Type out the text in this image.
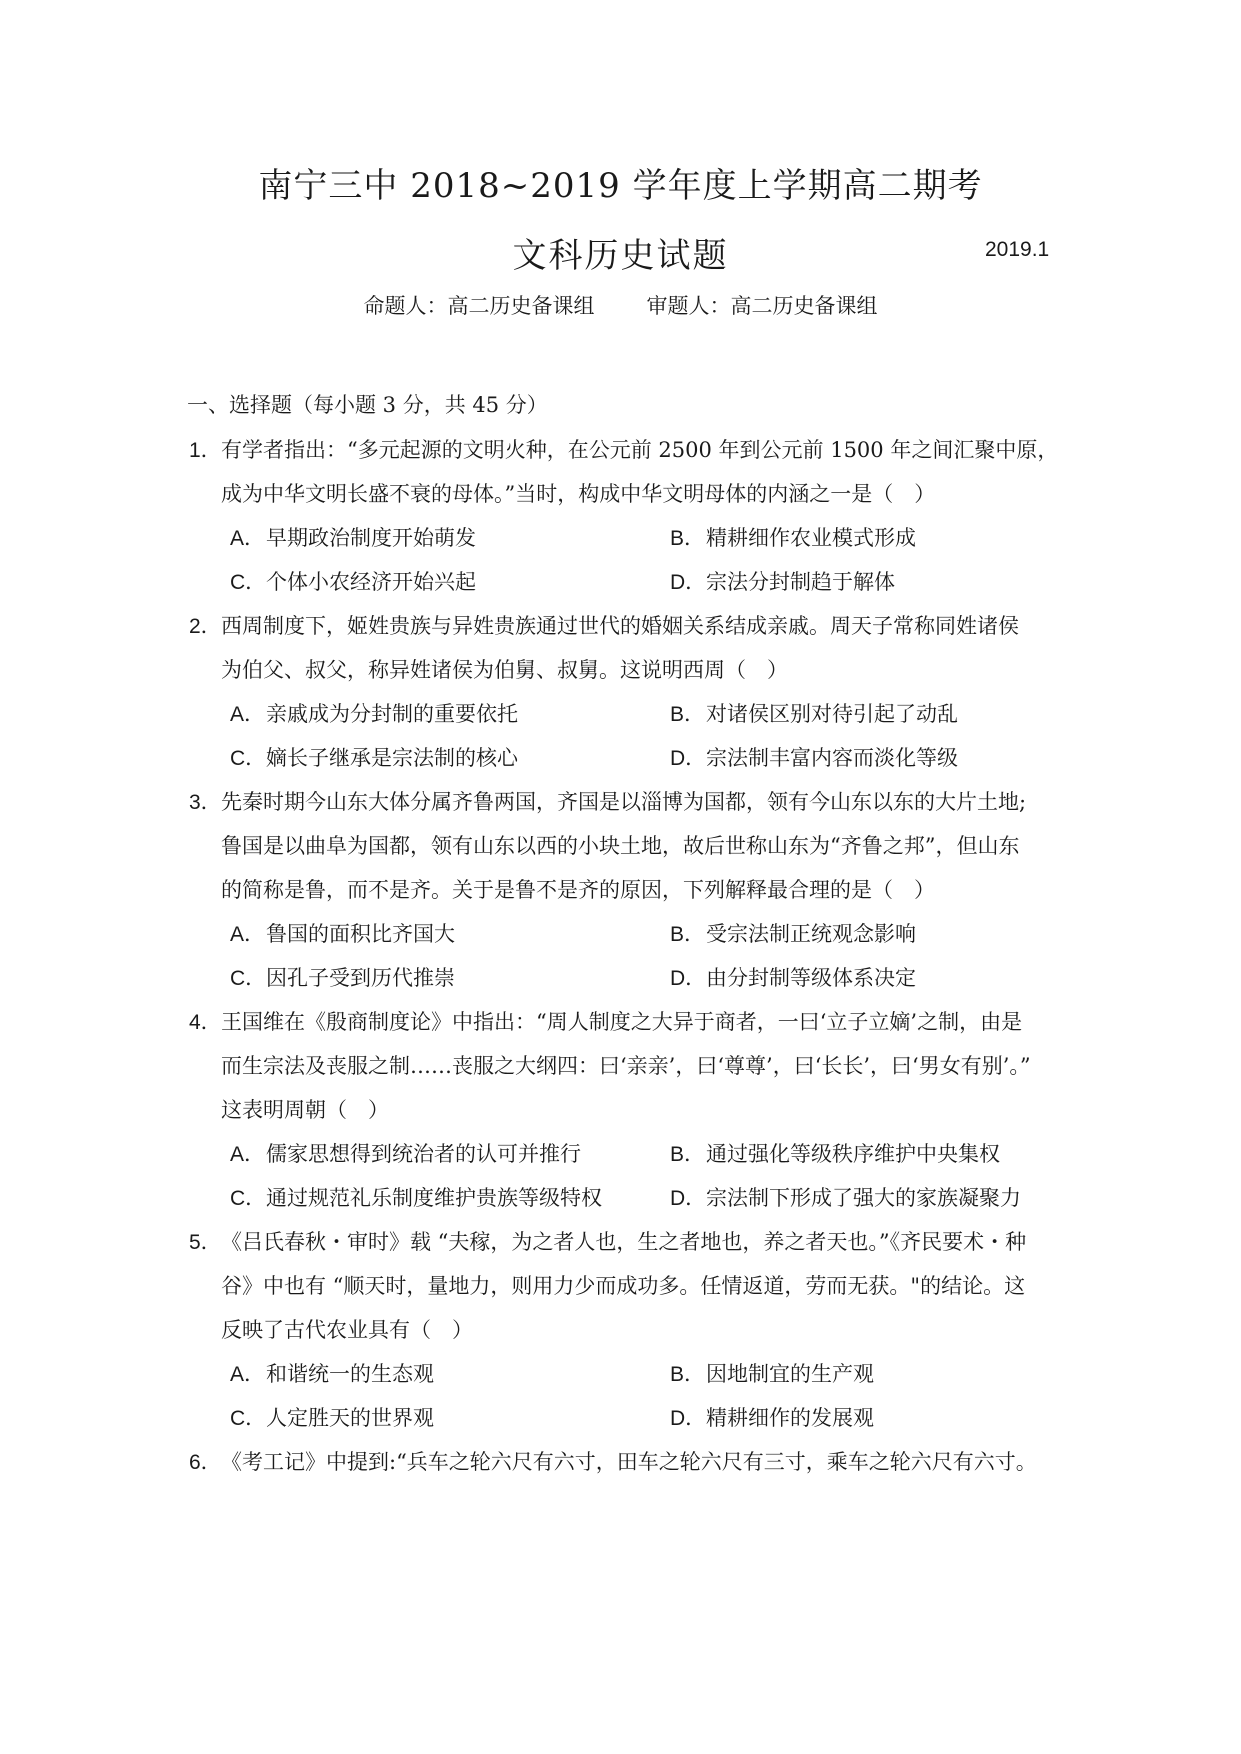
南宁三中 2018~2019 学年度上学期高二期考
文科历史试题	2019.1
命题人：高二历史备课组 审题人：高二历史备课组
一、选择题（每小题 3 分，共 45 分）
1． 有学者指出：“多元起源的文明火种，在公元前 2500 年到公元前 1500 年之间汇聚中原，
成为中华文明长盛不衰的母体。”当时，构成中华文明母体的内涵之一是（　）
A．早期政治制度开始萌发	B．精耕细作农业模式形成
C．个体小农经济开始兴起	D．宗法分封制趋于解体
2． 西周制度下，姬姓贵族与异姓贵族通过世代的婚姻关系结成亲戚。周天子常称同姓诸侯
为伯父、叔父，称异姓诸侯为伯舅、叔舅。这说明西周（　）
A．亲戚成为分封制的重要依托	B．对诸侯区别对待引起了动乱
C．嫡长子继承是宗法制的核心	D．宗法制丰富内容而淡化等级
3． 先秦时期今山东大体分属齐鲁两国，齐国是以淄博为国都，领有今山东以东的大片土地;
鲁国是以曲阜为国都，领有山东以西的小块土地，故后世称山东为“齐鲁之邦”，但山东
的简称是鲁，而不是齐。关于是鲁不是齐的原因，下列解释最合理的是（　）
A．鲁国的面积比齐国大	B．受宗法制正统观念影响
C．因孔子受到历代推崇	D．由分封制等级体系决定
4． 王国维在《殷商制度论》中指出：“周人制度之大异于商者，一曰‘立子立嫡’之制，由是
而生宗法及丧服之制……丧服之大纲四：曰‘亲亲’，曰‘尊尊’，曰‘长长’，曰‘男女有别’。”
这表明周朝（　）
A．儒家思想得到统治者的认可并推行	B．通过强化等级秩序维护中央集权
C．通过规范礼乐制度维护贵族等级特权	D．宗法制下形成了强大的家族凝聚力
5． 《吕氏春秋・审时》载 “夫稼，为之者人也，生之者地也，养之者天也。”《齐民要术・种
谷》中也有 “顺天时，量地力，则用力少而成功多。任情返道，劳而无获。"的结论。这
反映了古代农业具有（　）
A．和谐统一的生态观	B．因地制宜的生产观
C．人定胜天的世界观	D．精耕细作的发展观
6． 《考工记》中提到:“兵车之轮六尺有六寸，田车之轮六尺有三寸，乘车之轮六尺有六寸。
